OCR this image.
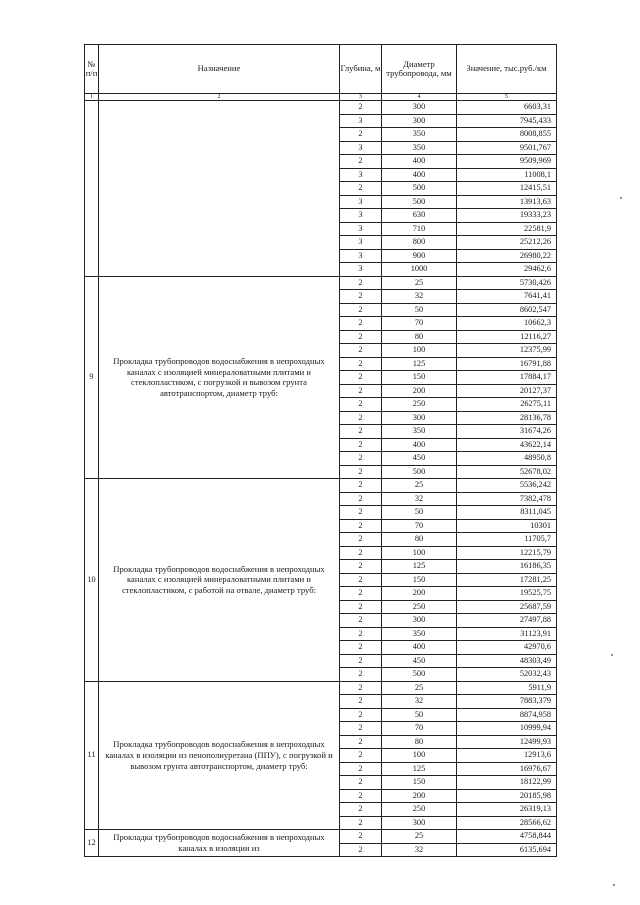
№ п/п	Назначение	Глубина, м	Диаметр трубопровода, мм	Значение, тыс.руб./км
1	2	3	4	5
		2	300	6603,31
		3	300	7945,433
		2	350	8008,855
		3	350	9501,767
		2	400	9509,969
		3	400	11008,1
		2	500	12415,51
		3	500	13913,63
		3	630	19333,23
		3	710	22581,9
		3	800	25212,26
		3	900	26980,22
		3	1000	29462,6
9	Прокладка трубопроводов водоснабжения в непроходных каналах с изоляцией минераловатными плитами и стеклопластиком, с погрузкой и вывозом грунта автотранспортом, диаметр труб:	2	25	5730,426
		2	32	7641,41
		2	50	8602,547
		2	70	10662,3
		2	80	12116,27
		2	100	12375,99
		2	125	16791,88
		2	150	17884,17
		2	200	20127,37
		2	250	26275,11
		2	300	28136,78
		2	350	31674,26
		2	400	43622,14
		2	450	48950,8
		2	500	52678,02
10	Прокладка трубопроводов водоснабжения в непроходных каналах с изоляцией минераловатными плитами и стеклопластиком, с работой на отвале, диаметр труб:	2	25	5536,242
		2	32	7382,478
		2	50	8311,045
		2	70	10301
		2	80	11705,7
		2	100	12215,79
		2	125	16186,35
		2	150	17281,25
		2	200	19525,75
		2	250	25687,59
		2	300	27497,88
		2	350	31123,91
		2	400	42970,6
		2	450	48303,49
		2	500	52032,43
11	Прокладка трубопроводов водоснабжения в непроходных каналах в изоляции из пенополиуретана (ППУ), с погрузкой и вывозом грунта автотранспортом, диаметр труб:	2	25	5911,9
		2	32	7883,379
		2	50	8874,958
		2	70	10999,94
		2	80	12499,93
		2	100	12913,6
		2	125	16976,67
		2	150	18122,99
		2	200	20185,98
		2	250	26319,13
		2	300	28566,62
12	Прокладка трубопроводов водоснабжения в непроходных каналах в изоляции из	2	25	4758,844
		2	32	6135,694
